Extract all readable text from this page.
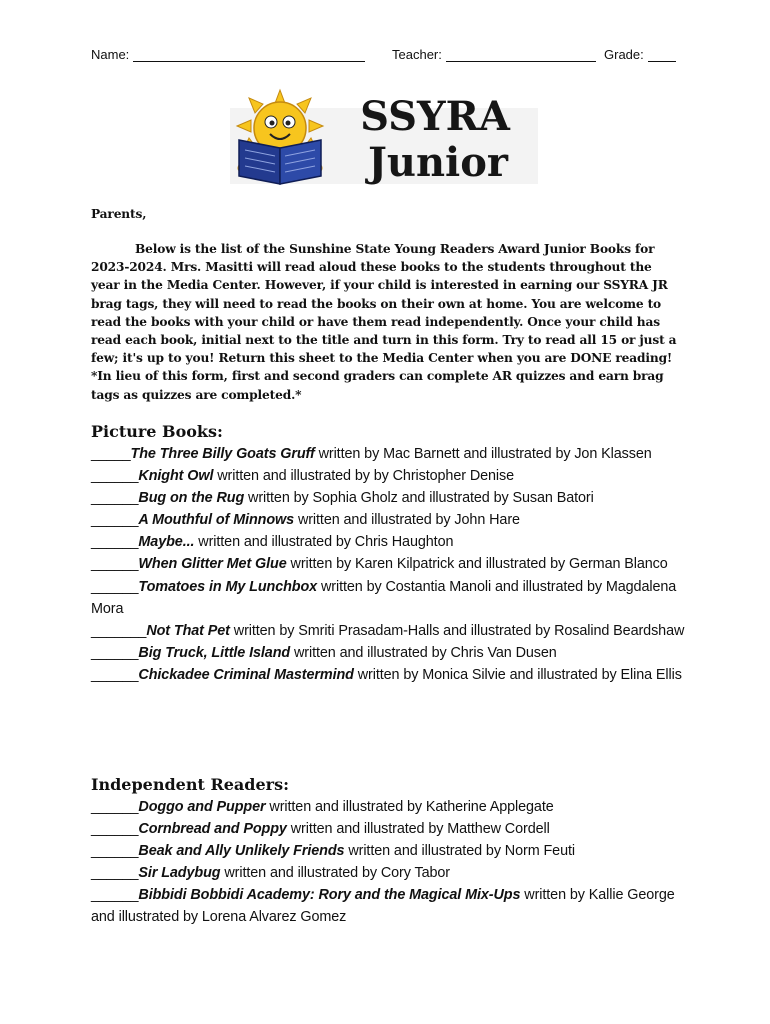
Name:	Teacher:	Grade:
SSYRA
Junior
Parents,
Below is the list of the Sunshine State Young Readers Award Junior Books for 2023-2024. Mrs. Masitti will read aloud these books to the students throughout the year in the Media Center. However, if your child is interested in earning our SSYRA JR brag tags, they will need to read the books on their own at home. You are welcome to read the books with your child or have them read independently. Once your child has read each book, initial next to the title and turn in this form. Try to read all 15 or just a few; it's up to you! Return this sheet to the Media Center when you are DONE reading! *In lieu of this form, first and second graders can complete AR quizzes and earn brag tags as quizzes are completed.*
Picture Books:

_____The Three Billy Goats Gruff written by Mac Barnett and illustrated by Jon Klassen

______Knight Owl written and illustrated by by Christopher Denise

______Bug on the Rug written by Sophia Gholz and illustrated by Susan Batori

______A Mouthful of Minnows written and illustrated by John Hare

______Maybe... written and illustrated by Chris Haughton

______When Glitter Met Glue written by Karen Kilpatrick and illustrated by German Blanco

______Tomatoes in My Lunchbox written by Costantia Manoli and illustrated by Magdalena Mora

_______Not That Pet written by Smriti Prasadam-Halls and illustrated by Rosalind Beardshaw

______Big Truck, Little Island written and illustrated by Chris Van Dusen

______Chickadee Criminal Mastermind written by Monica Silvie and illustrated by Elina Ellis

Independent Readers:

______Doggo and Pupper written and illustrated by Katherine Applegate

______Cornbread and Poppy written and illustrated by Matthew Cordell

______Beak and Ally Unlikely Friends written and illustrated by Norm Feuti

______Sir Ladybug written and illustrated by Cory Tabor

______Bibbidi Bobbidi Academy: Rory and the Magical Mix-Ups written by Kallie George and illustrated by Lorena Alvarez Gomez
